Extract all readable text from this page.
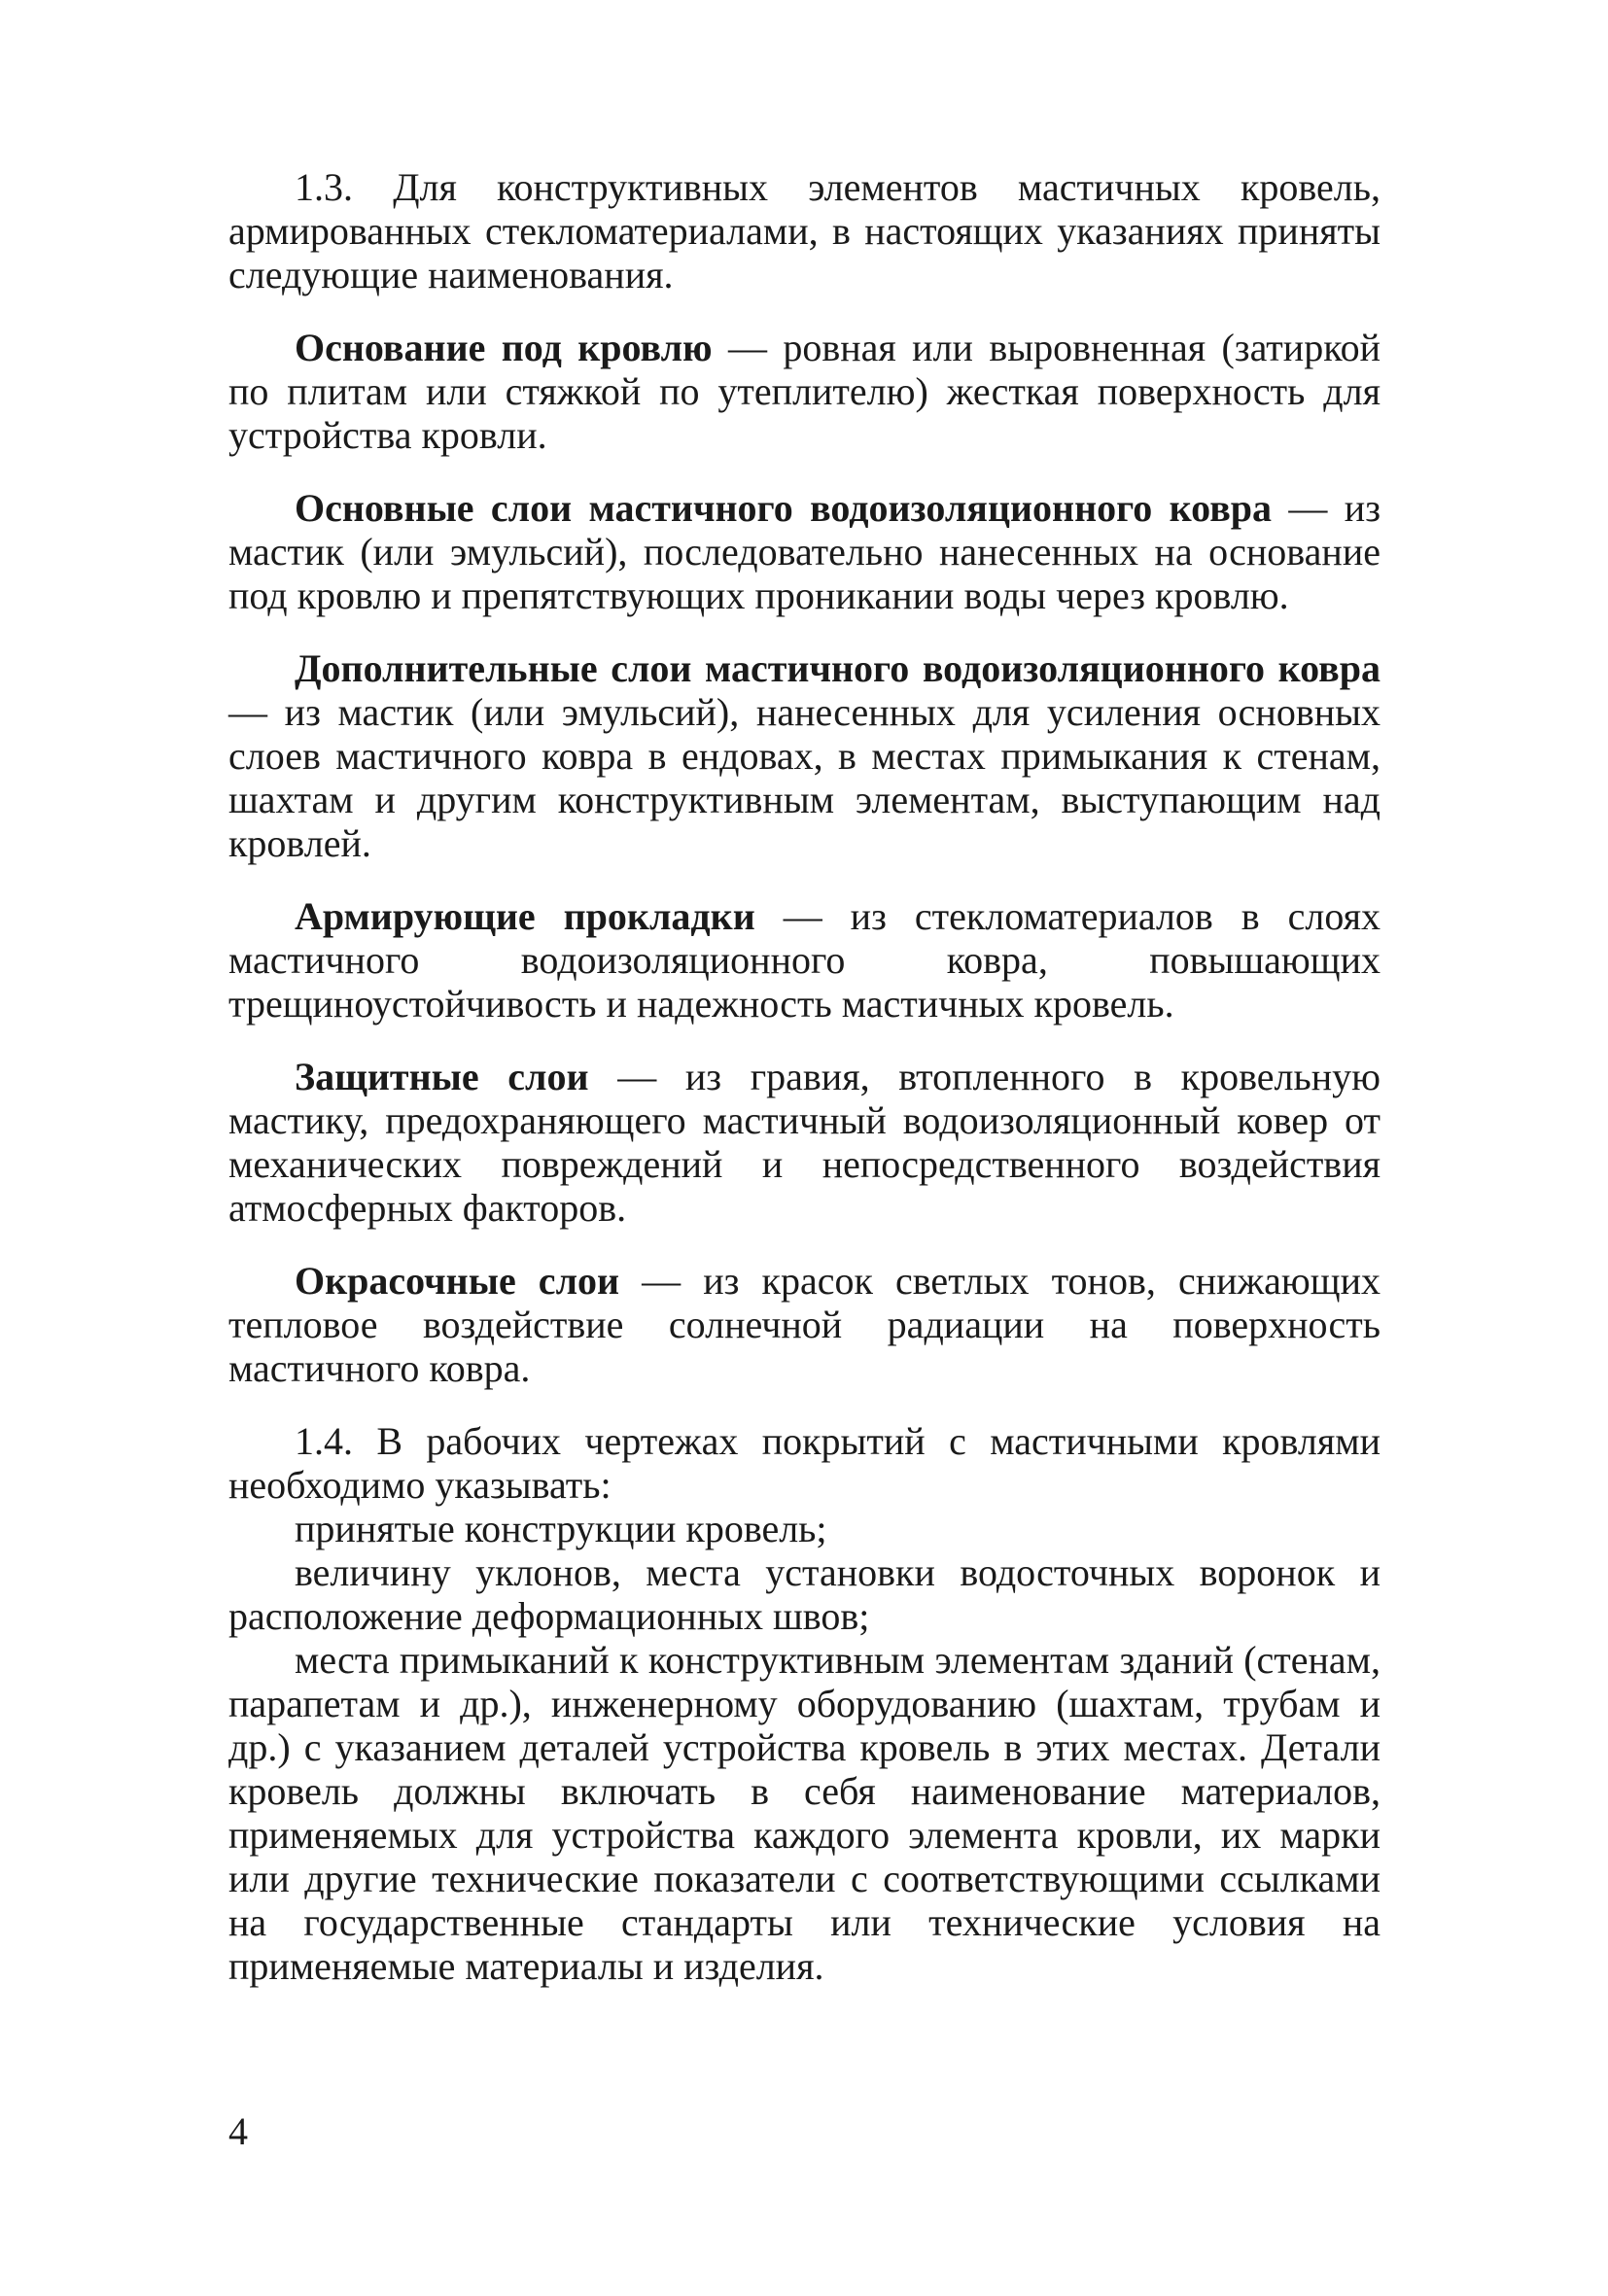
1.3. Для конструктивных элементов мастичных кровель, армированных стекломатериалами, в настоящих указаниях приняты следующие наименования.

Основание под кровлю — ровная или выровненная (затиркой по плитам или стяжкой по утеплителю) жесткая поверхность для устройства кровли.

Основные слои мастичного водоизоляционного ковра — из мастик (или эмульсий), последовательно нанесенных на основание под кровлю и препятствующих проникании воды через кровлю.

Дополнительные слои мастичного водоизоляционного ковра — из мастик (или эмульсий), нанесенных для усиления основных слоев мастичного ковра в ендовах, в местах примыкания к стенам, шахтам и другим конструктивным элементам, выступающим над кровлей.

Армирующие прокладки — из стекломатериалов в слоях мастичного водоизоляционного ковра, повышающих трещиноустойчивость и надежность мастичных кровель.

Защитные слои — из гравия, втопленного в кровельную мастику, предохраняющего мастичный водоизоляционный ковер от механических повреждений и непосредственного воздействия атмосферных факторов.

Окрасочные слои — из красок светлых тонов, снижающих тепловое воздействие солнечной радиации на поверхность мастичного ковра.

1.4. В рабочих чертежах покрытий с мастичными кровлями необходимо указывать:

принятые конструкции кровель;

величину уклонов, места установки водосточных воронок и расположение деформационных швов;

места примыканий к конструктивным элементам зданий (стенам, парапетам и др.), инженерному оборудованию (шахтам, трубам и др.) с указанием деталей устройства кровель в этих местах. Детали кровель должны включать в себя наименование материалов, применяемых для устройства каждого элемента кровли, их марки или другие технические показатели с соответствующими ссылками на государственные стандарты или технические условия на применяемые материалы и изделия.

4
